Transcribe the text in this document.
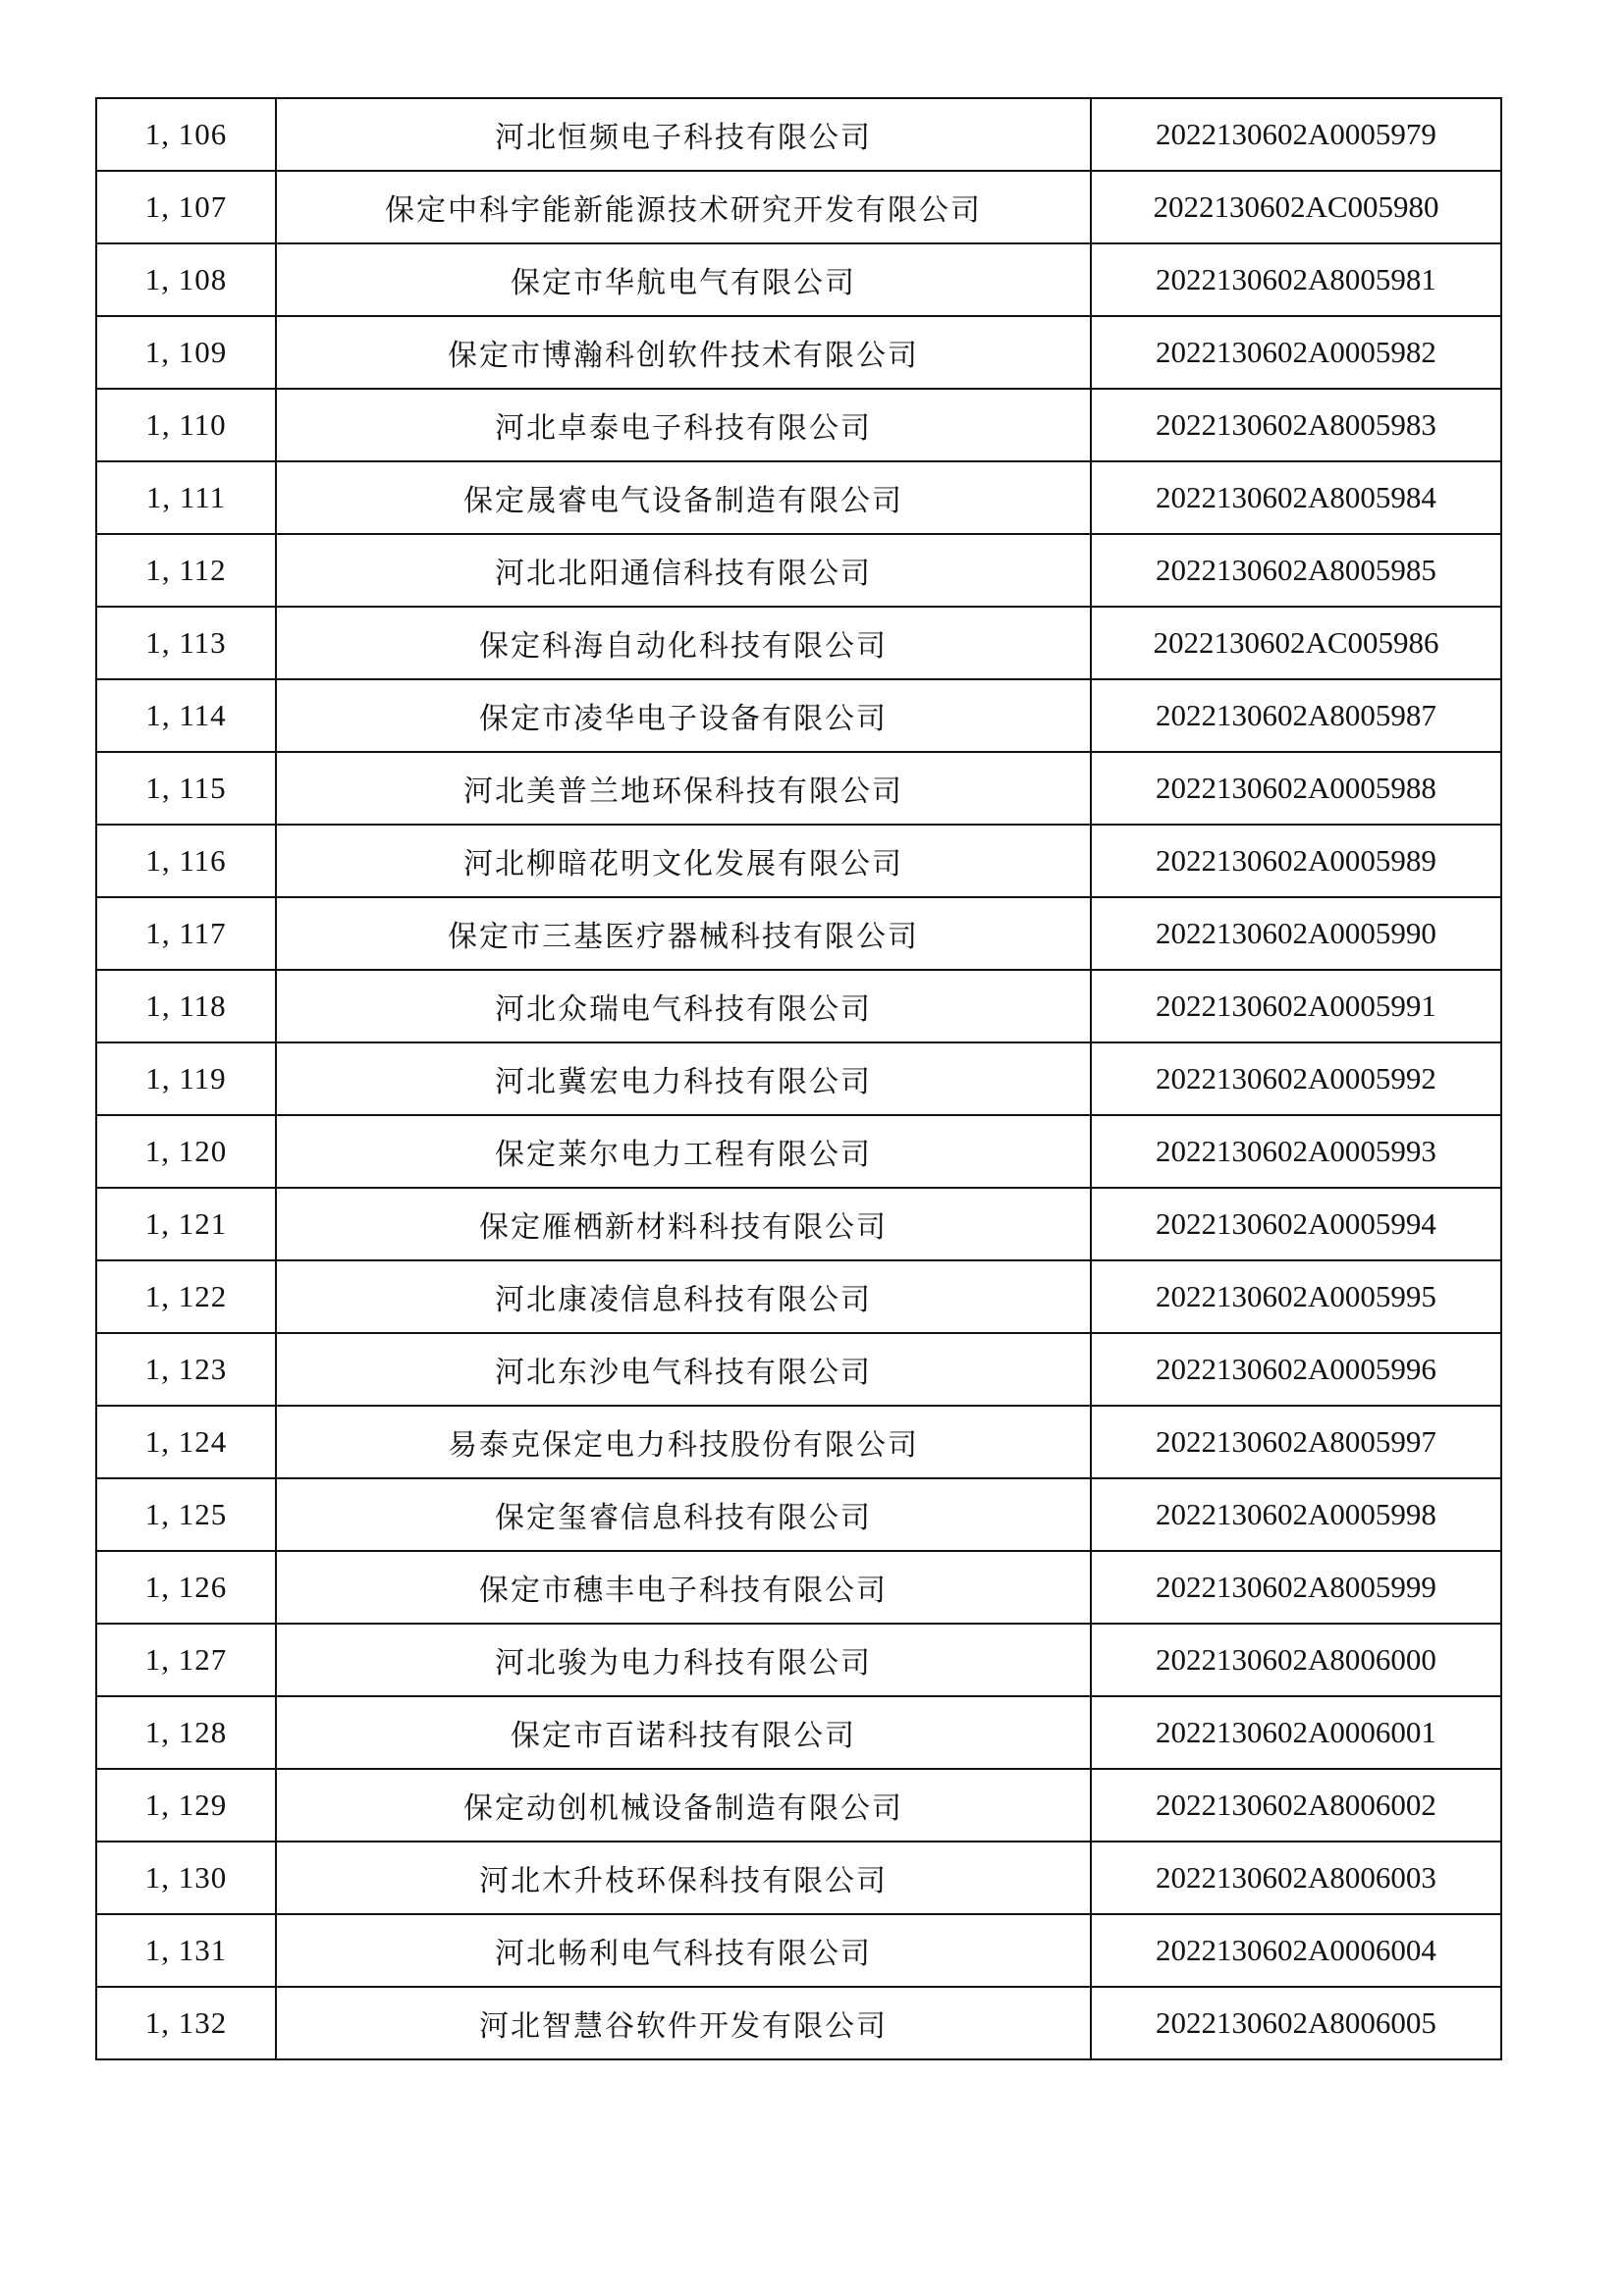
1, 106	河北恒频电子科技有限公司	2022130602A0005979
1, 107	保定中科宇能新能源技术研究开发有限公司	2022130602AC005980
1, 108	保定市华航电气有限公司	2022130602A8005981
1, 109	保定市博瀚科创软件技术有限公司	2022130602A0005982
1, 110	河北卓泰电子科技有限公司	2022130602A8005983
1, 111	保定晟睿电气设备制造有限公司	2022130602A8005984
1, 112	河北北阳通信科技有限公司	2022130602A8005985
1, 113	保定科海自动化科技有限公司	2022130602AC005986
1, 114	保定市凌华电子设备有限公司	2022130602A8005987
1, 115	河北美普兰地环保科技有限公司	2022130602A0005988
1, 116	河北柳暗花明文化发展有限公司	2022130602A0005989
1, 117	保定市三基医疗器械科技有限公司	2022130602A0005990
1, 118	河北众瑞电气科技有限公司	2022130602A0005991
1, 119	河北冀宏电力科技有限公司	2022130602A0005992
1, 120	保定莱尔电力工程有限公司	2022130602A0005993
1, 121	保定雁栖新材料科技有限公司	2022130602A0005994
1, 122	河北康凌信息科技有限公司	2022130602A0005995
1, 123	河北东沙电气科技有限公司	2022130602A0005996
1, 124	易泰克保定电力科技股份有限公司	2022130602A8005997
1, 125	保定玺睿信息科技有限公司	2022130602A0005998
1, 126	保定市穗丰电子科技有限公司	2022130602A8005999
1, 127	河北骏为电力科技有限公司	2022130602A8006000
1, 128	保定市百诺科技有限公司	2022130602A0006001
1, 129	保定动创机械设备制造有限公司	2022130602A8006002
1, 130	河北木升枝环保科技有限公司	2022130602A8006003
1, 131	河北畅利电气科技有限公司	2022130602A0006004
1, 132	河北智慧谷软件开发有限公司	2022130602A8006005
